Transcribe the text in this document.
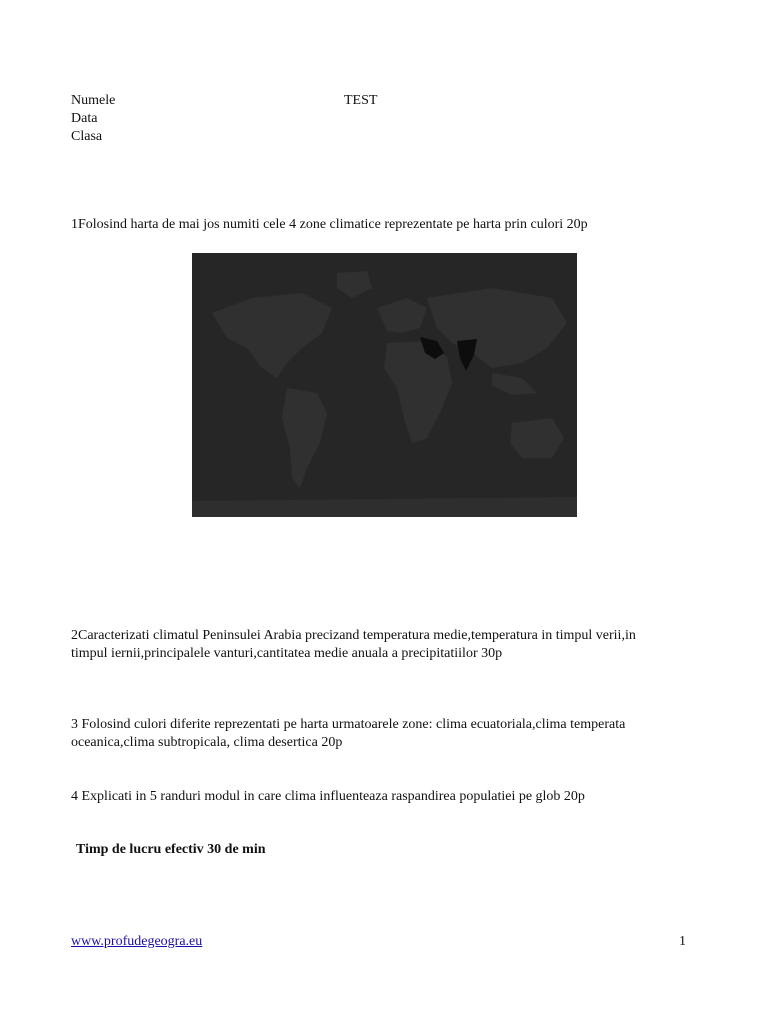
Numele	TEST
Data
Clasa
1Folosind harta de mai jos numiti cele 4 zone climatice reprezentate pe harta prin culori 20p
2Caracterizati climatul Peninsulei Arabia precizand temperatura medie,temperatura in timpul verii,in
timpul iernii,principalele vanturi,cantitatea medie anuala a precipitatiilor 30p
3 Folosind culori diferite reprezentati pe harta urmatoarele zone: clima ecuatoriala,clima temperata
oceanica,clima subtropicala, clima desertica 20p
4 Explicati in 5 randuri modul in care clima influenteaza raspandirea populatiei pe glob 20p
Timp de lucru efectiv 30 de min
www.profudegeogra.eu	1
